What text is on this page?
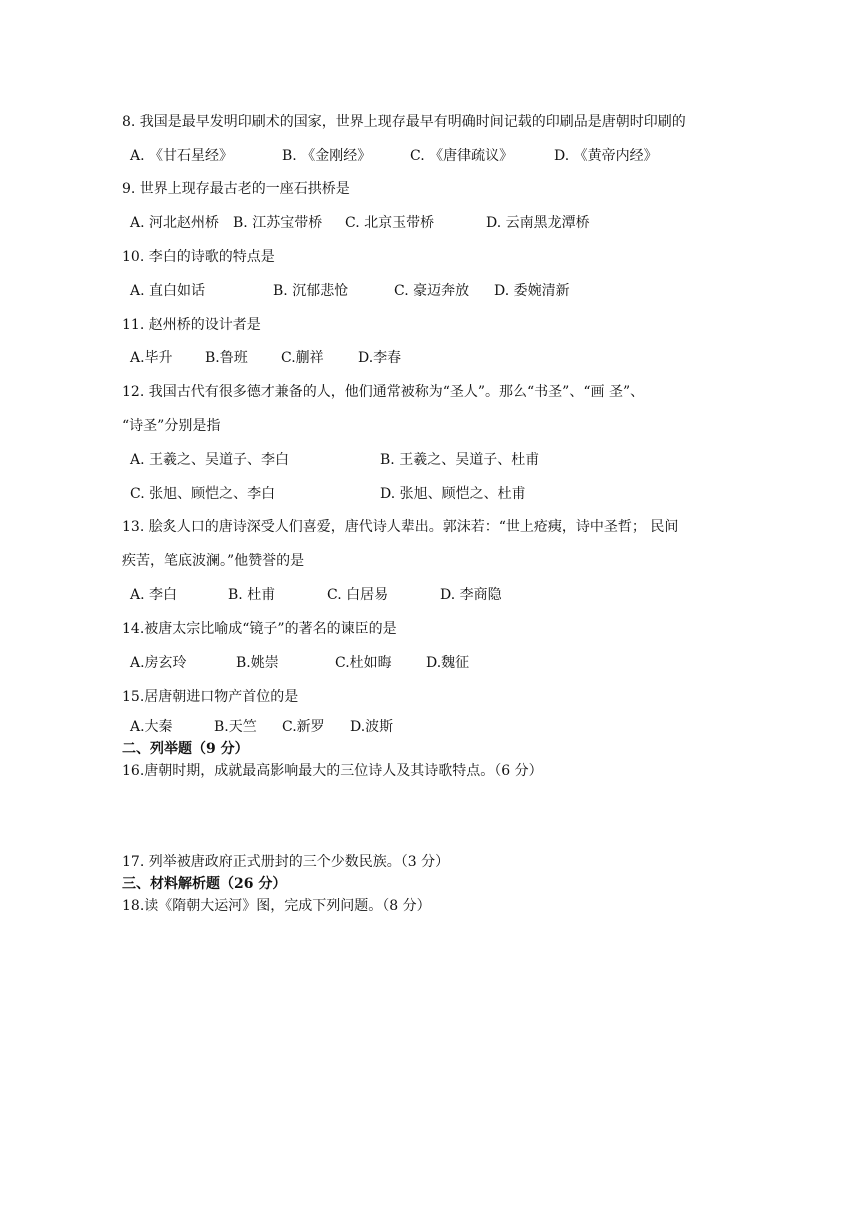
8. 我国是最早发明印刷术的国家，世界上现存最早有明确时间记载的印刷品是唐朝时印刷的
A. 《甘石星经》	B. 《金刚经》	C. 《唐律疏议》	D. 《黄帝内经》
9. 世界上现存最古老的一座石拱桥是
A. 河北赵州桥 B. 江苏宝带桥 C. 北京玉带桥	D. 云南黑龙潭桥
10. 李白的诗歌的特点是
A. 直白如话	B. 沉郁悲怆	C. 豪迈奔放 D. 委婉清新
11. 赵州桥的设计者是
A.毕升 B.鲁班 C.蒯祥 D.李春
12. 我国古代有很多德才兼备的人，他们通常被称为“圣人”。那么“书圣”、“画 圣”、
“诗圣”分别是指
A. 王羲之、吴道子、李白	B. 王羲之、吴道子、杜甫
C. 张旭、顾恺之、李白	D. 张旭、顾恺之、杜甫
13. 脍炙人口的唐诗深受人们喜爱，唐代诗人辈出。郭沫若：“世上疮痍，诗中圣哲； 民间
疾苦，笔底波澜。”他赞誉的是
A. 李白	B. 杜甫	C. 白居易	D. 李商隐
14.被唐太宗比喻成“镜子”的著名的谏臣的是
A.房玄玲	B.姚崇	C.杜如晦 D.魏征
15.居唐朝进口物产首位的是
A.大秦	B.天竺 C.新罗 D.波斯
二、列举题（9 分）
16.唐朝时期，成就最高影响最大的三位诗人及其诗歌特点。（6 分）
17. 列举被唐政府正式册封的三个少数民族。（3 分）
三、材料解析题（26 分）
18.读《隋朝大运河》图，完成下列问题。（8 分）
